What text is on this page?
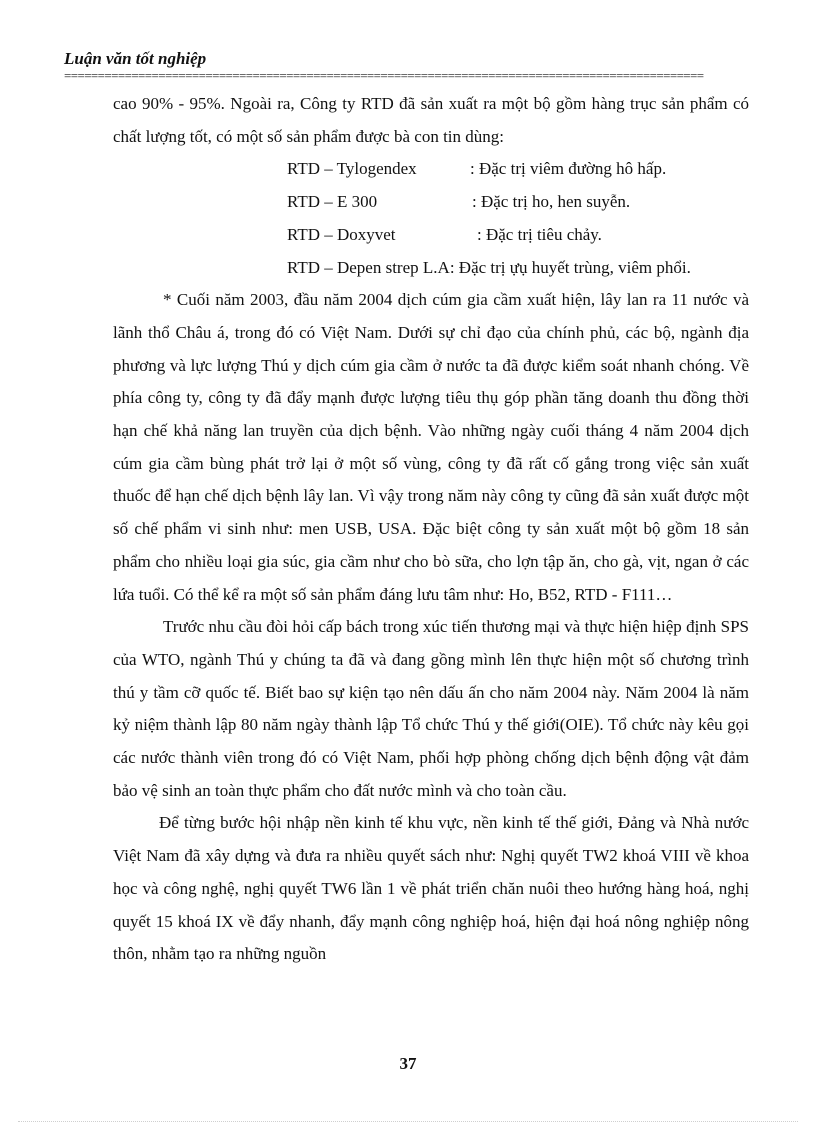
Luận văn tốt nghiệp
===============================================================================================

cao 90% - 95%. Ngoài ra, Công ty RTD đã sản xuất ra một bộ gồm hàng trục sản phẩm có chất lượng tốt, có một số sản phẩm được bà con tin dùng:

RTD – Tylogendex	: Đặc trị viêm đường hô hấp.
RTD – E 300	: Đặc trị ho, hen suyễn.
RTD – Doxyvet	: Đặc trị tiêu chảy.
RTD – Depen strep L.A : Đặc trị ựụ huyết trùng, viêm phổi.

* Cuối năm 2003, đầu năm 2004 dịch cúm gia cầm xuất hiện, lây lan ra 11 nước và lãnh thổ Châu á, trong đó có Việt Nam. Dưới sự chỉ đạo của chính phủ, các bộ, ngành địa phương và lực lượng Thú y dịch cúm gia cầm ở nước ta đã được kiểm soát nhanh chóng. Về phía công ty, công ty đã đẩy mạnh được lượng tiêu thụ góp phần tăng doanh thu đồng thời hạn chế khả năng lan truyền của dịch bệnh. Vào những ngày cuối tháng 4 năm 2004 dịch cúm gia cầm bùng phát trở lại ở một số vùng, công ty đã rất cố gắng trong việc sản xuất thuốc để hạn chế dịch bệnh lây lan. Vì vậy trong năm này công ty cũng đã sản xuất được một số chế phẩm vi sinh như: men USB, USA. Đặc biệt công ty sản xuất một bộ gồm 18 sản phẩm cho nhiều loại gia súc, gia cầm như cho bò sữa, cho lợn tập ăn, cho gà, vịt, ngan ở các lứa tuổi. Có thể kể ra một số sản phẩm đáng lưu tâm như: Ho, B52, RTD - F111…

Trước nhu cầu đòi hỏi cấp bách trong xúc tiến thương mại và thực hiện hiệp định SPS của WTO, ngành Thú y chúng ta đã và đang gồng mình lên thực hiện một số chương trình thú y tầm cỡ quốc tế. Biết bao sự kiện tạo nên dấu ấn cho năm 2004 này. Năm 2004 là năm kỷ niệm thành lập 80 năm ngày thành lập Tổ chức Thú y thế giới(OIE). Tổ chức này kêu gọi các nước thành viên trong đó có Việt Nam, phối hợp phòng chống dịch bệnh động vật đảm bảo vệ sinh an toàn thực phẩm cho đất nước mình và cho toàn cầu.

Để từng bước hội nhập nền kinh tế khu vực, nền kinh tế thế giới, Đảng và Nhà nước Việt Nam đã xây dựng và đưa ra nhiều quyết sách như: Nghị quyết TW2 khoá VIII về khoa học và công nghệ, nghị quyết TW6 lần 1 về phát triển chăn nuôi theo hướng hàng hoá, nghị quyết 15 khoá IX về đẩy nhanh, đẩy mạnh công nghiệp hoá, hiện đại hoá nông nghiệp nông thôn, nhằm tạo ra những nguồn

37
